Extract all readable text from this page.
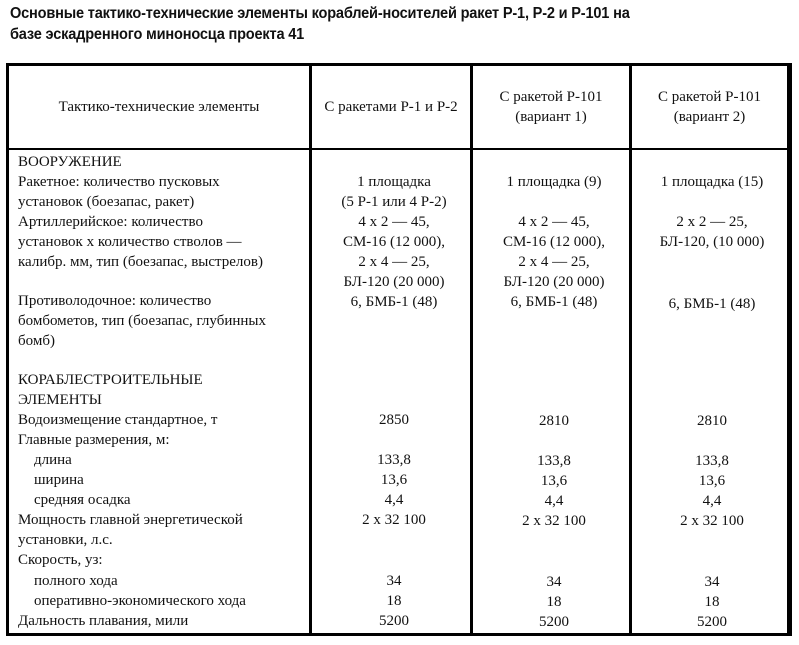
Основные тактико-технические элементы кораблей-носителей ракет Р-1, Р-2 и Р-101 на
базе эскадренного миноносца проекта 41
Тактико-технические элементы	С ракетами Р-1 и Р-2
С ракетой Р-101 (вариант 1)
С ракетой Р-101 (вариант 2)
ВООРУЖЕНИЕ
Ракетное: количество пусковых
установок (боезапас, ракет)
Артиллерийское: количество
установок х количество стволов —
калибр. мм, тип (боезапас, выстрелов)
Противолодочное: количество
бомбометов, тип (боезапас, глубинных
бомб)
КОРАБЛЕСТРОИТЕЛЬНЫЕ ЭЛЕМЕНТЫ
Водоизмещение стандартное, т
Главные размерения, м:
длина
ширина
средняя осадка
Мощность главной энергетической
установки, л.с.
Скорость, уз:
полного хода
оперативно-экономического хода
Дальность плавания, мили
1 площадка
(5 Р-1 или 4 Р-2)
4 х 2 — 45,
СМ-16 (12 000),
2 х 4 — 25,
БЛ-120 (20 000)
6, БМБ-1 (48)
2850
133,8
13,6
4,4
2 х 32 100
34
18
5200
1 площадка (9)
4 х 2 — 45,
СМ-16 (12 000),
2 х 4 — 25,
БЛ-120 (20 000)
6, БМБ-1 (48)
2810
133,8
13,6
4,4
2 х 32 100
34
18
5200
1 площадка (15)
2 х 2 — 25,
БЛ-120, (10 000)
6, БМБ-1 (48)
2810
133,8
13,6
4,4
2 х 32 100
34
18
5200
